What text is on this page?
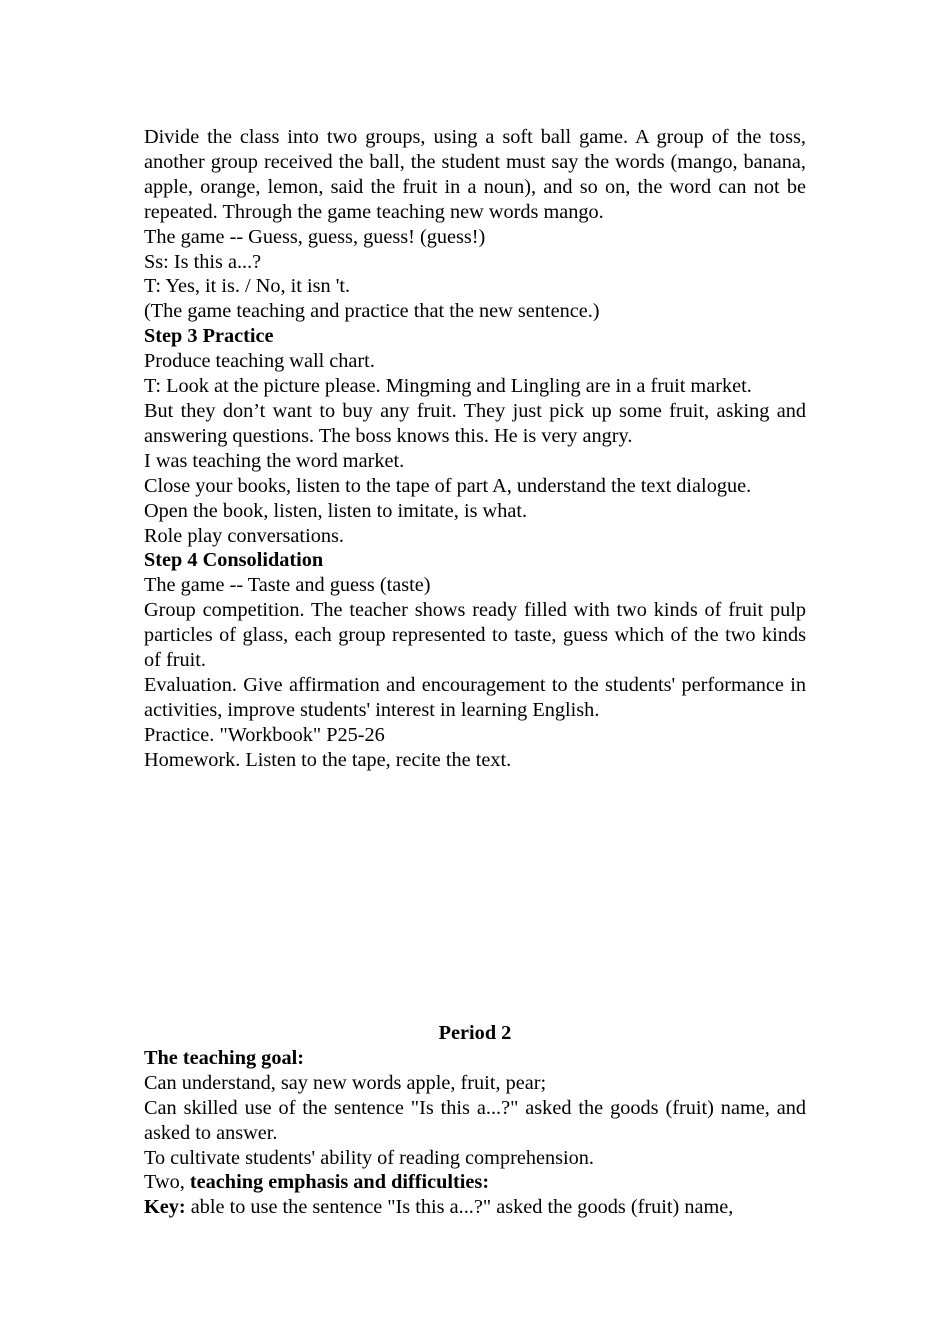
Divide the class into two groups, using a soft ball game. A group of the toss, another group received the ball, the student must say the words (mango, banana, apple, orange, lemon, said the fruit in a noun), and so on, the word can not be repeated. Through the game teaching new words mango.

The game -- Guess, guess, guess! (guess!)

Ss: Is this a...?

T: Yes, it is. / No, it isn 't.

(The game teaching and practice that the new sentence.)

Step 3 Practice

Produce teaching wall chart.

T: Look at the picture please. Mingming and Lingling are in a fruit market.

But they don’t want to buy any fruit. They just pick up some fruit, asking and answering questions. The boss knows this. He is very angry.

I was teaching the word market.

Close your books, listen to the tape of part A, understand the text dialogue.

Open the book, listen, listen to imitate, is what.

Role play conversations.

Step 4 Consolidation

The game -- Taste and guess (taste)

Group competition. The teacher shows ready filled with two kinds of fruit pulp particles of glass, each group represented to taste, guess which of the two kinds of fruit.

Evaluation. Give affirmation and encouragement to the students' performance in activities, improve students' interest in learning English.

Practice. "Workbook" P25-26

Homework. Listen to the tape, recite the text.

Period 2

The teaching goal:

Can understand, say new words apple, fruit, pear;

Can skilled use of the sentence "Is this a...?" asked the goods (fruit) name, and asked to answer.

To cultivate students' ability of reading comprehension.

Two, teaching emphasis and difficulties:

Key: able to use the sentence "Is this a...?" asked the goods (fruit) name,
